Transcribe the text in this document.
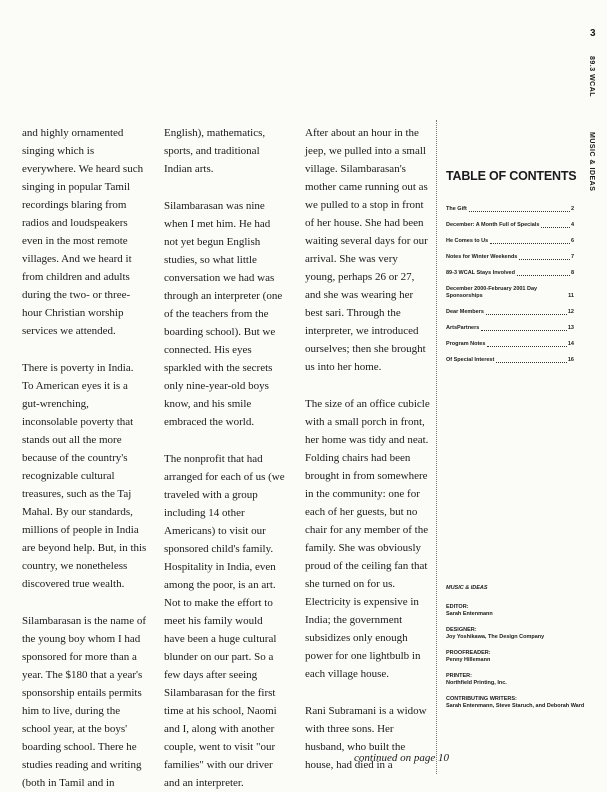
3
89.3 WCAL
MUSIC & IDEAS

and highly ornamented singing which is everywhere. We heard such singing in popular Tamil recordings blaring from radios and loudspeakers even in the most remote villages. And we heard it from children and adults during the two- or three-hour Christian worship services we attended.

There is poverty in India. To American eyes it is a gut-wrenching, inconsolable poverty that stands out all the more because of the country's recognizable cultural treasures, such as the Taj Mahal. By our standards, millions of people in India are beyond help. But, in this country, we nonetheless discovered true wealth.

Silambarasan is the name of the young boy whom I had sponsored for more than a year. The $180 that a year's sponsorship entails permits him to live, during the school year, at the boys' boarding school. There he studies reading and writing (both in Tamil and in

English), mathematics, sports, and traditional Indian arts.

Silambarasan was nine when I met him. He had not yet begun English studies, so what little conversation we had was through an interpreter (one of the teachers from the boarding school). But we connected. His eyes sparkled with the secrets only nine-year-old boys know, and his smile embraced the world.

The nonprofit that had arranged for each of us (we traveled with a group including 14 other Americans) to visit our sponsored child's family. Hospitality in India, even among the poor, is an art. Not to make the effort to meet his family would have been a huge cultural blunder on our part. So a few days after seeing Silambarasan for the first time at his school, Naomi and I, along with another couple, went to visit "our families" with our driver and an interpreter.

After about an hour in the jeep, we pulled into a small village. Silambarasan's mother came running out as we pulled to a stop in front of her house. She had been waiting several days for our arrival. She was very young, perhaps 26 or 27, and she was wearing her best sari. Through the interpreter, we introduced ourselves; then she brought us into her home.

The size of an office cubicle with a small porch in front, her home was tidy and neat. Folding chairs had been brought in from somewhere in the community: one for each of her guests, but no chair for any member of the family. She was obviously proud of the ceiling fan that she turned on for us. Electricity is expensive in India; the government subsidizes only enough power for one lightbulb in each village house.

Rani Subramani is a widow with three sons. Her husband, who built the house, had died in a

continued on page 10
TABLE OF CONTENTS
The Gift	2
December: A Month Full of Specials	4
He Comes to Us	6
Notes for Winter Weekends	7
89-3 WCAL Stays Involved	8
December 2000-February 2001 Day Sponsorships	11
Dear Members	12
ArtsPartners	13
Program Notes	14
Of Special Interest	16
MUSIC & IDEAS
EDITOR:
Sarah Entenmann
DESIGNER:
Joy Yoshikawa, The Design Company
PROOFREADER:
Penny Hillemann
PRINTER:
Northfield Printing, Inc.
CONTRIBUTING WRITERS:
Sarah Entenmann, Steve Staruch, and Deborah Ward
